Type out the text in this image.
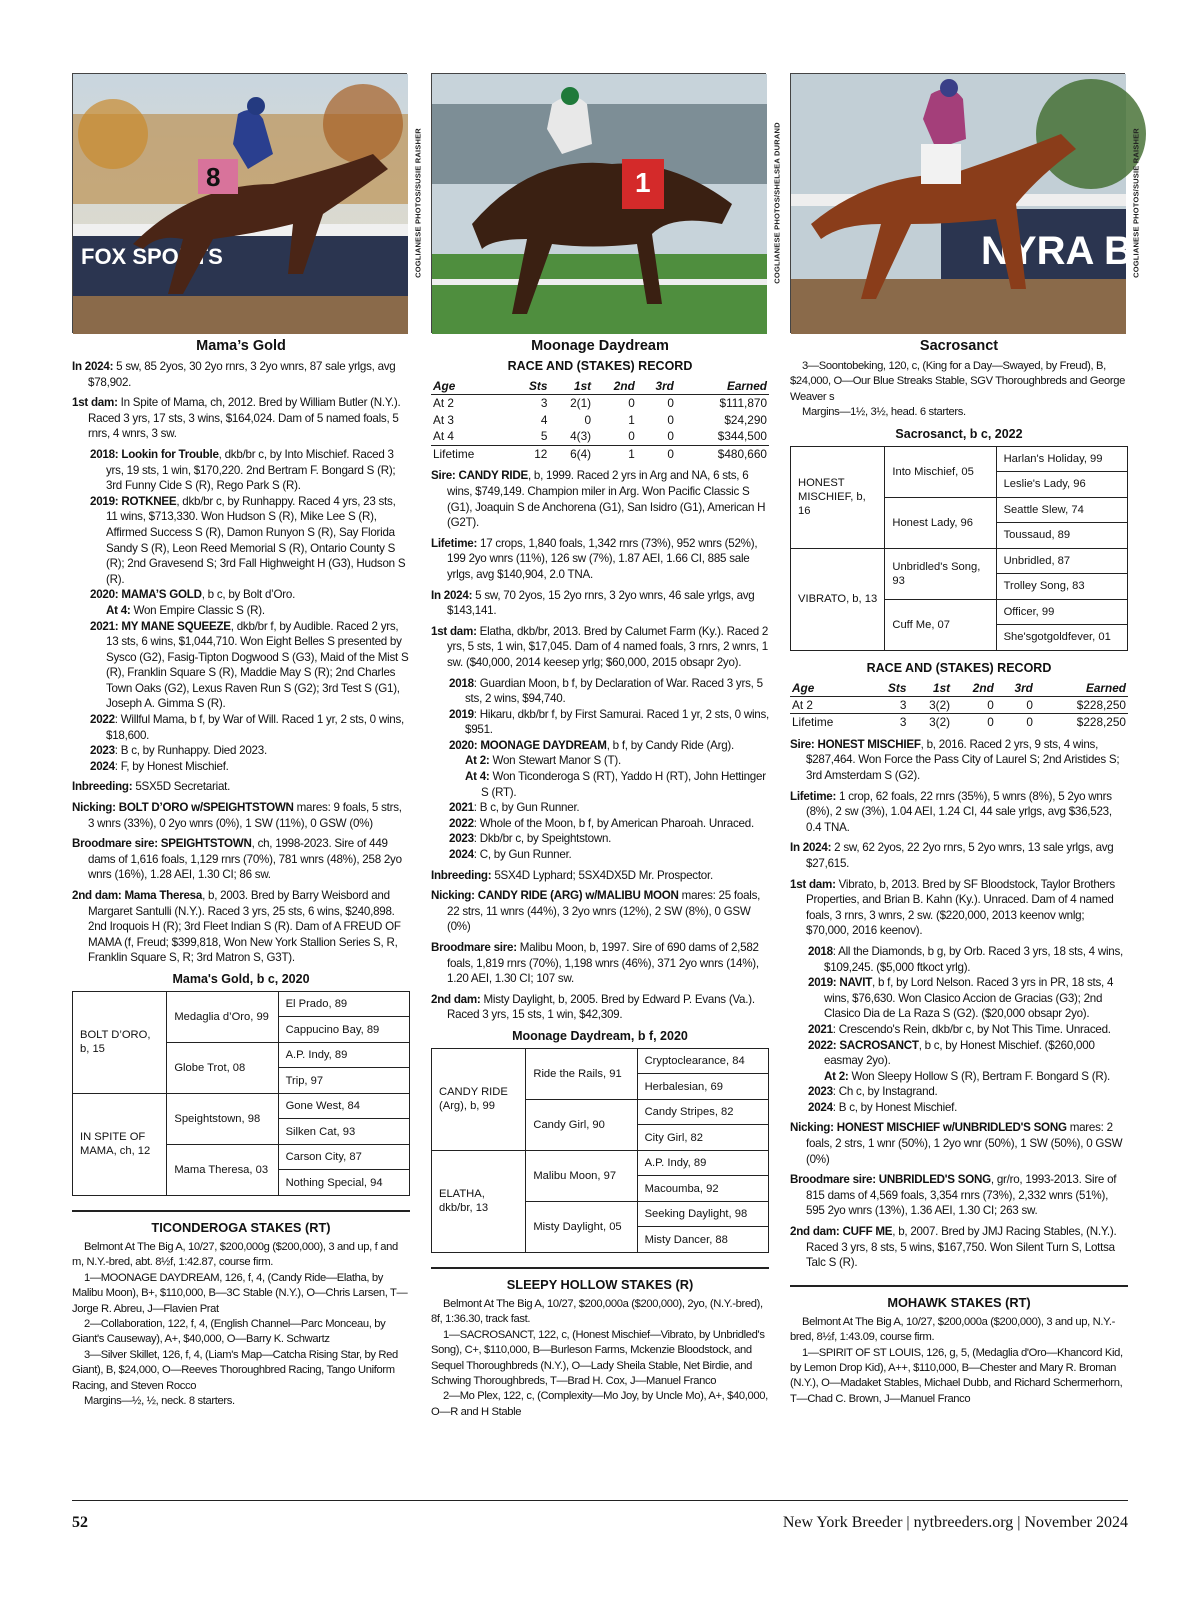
FOX SPORTS
8	COGLIANESE PHOTOS/SUSIE RAISHER
Mama’s Gold
In 2024: 5 sw, 85 2yos, 30 2yo rnrs, 3 2yo wnrs, 87 sale yrlgs, avg $78,902.
1st dam: In Spite of Mama, ch, 2012. Bred by William Butler (N.Y.). Raced 3 yrs, 17 sts, 3 wins, $164,024. Dam of 5 named foals, 5 rnrs, 4 wnrs, 3 sw.
2018: Lookin for Trouble, dkb/br c, by Into Mischief. Raced 3 yrs, 19 sts, 1 win, $170,220. 2nd Bertram F. Bongard S (R); 3rd Funny Cide S (R), Rego Park S (R).
2019: ROTKNEE, dkb/br c, by Runhappy. Raced 4 yrs, 23 sts, 11 wins, $713,330. Won Hudson S (R), Mike Lee S (R), Affirmed Success S (R), Damon Runyon S (R), Say Florida Sandy S (R), Leon Reed Memorial S (R), Ontario County S (R); 2nd Gravesend S; 3rd Fall Highweight H (G3), Hudson S (R).
2020: MAMA’S GOLD, b c, by Bolt d’Oro.
At 4: Won Empire Classic S (R).
2021: MY MANE SQUEEZE, dkb/br f, by Audible. Raced 2 yrs, 13 sts, 6 wins, $1,044,710. Won Eight Belles S presented by Sysco (G2), Fasig-Tipton Dogwood S (G3), Maid of the Mist S (R), Franklin Square S (R), Maddie May S (R); 2nd Charles Town Oaks (G2), Lexus Raven Run S (G2); 3rd Test S (G1), Joseph A. Gimma S (R).
2022: Willful Mama, b f, by War of Will. Raced 1 yr, 2 sts, 0 wins, $18,600.
2023: B c, by Runhappy. Died 2023.
2024: F, by Honest Mischief.
Inbreeding: 5SX5D Secretariat.
Nicking: BOLT D’ORO w/SPEIGHTSTOWN mares: 9 foals, 5 strs, 3 wnrs (33%), 0 2yo wnrs (0%), 1 SW (11%), 0 GSW (0%)
Broodmare sire: SPEIGHTSTOWN, ch, 1998-2023. Sire of 449 dams of 1,616 foals, 1,129 rnrs (70%), 781 wnrs (48%), 258 2yo wnrs (16%), 1.28 AEI, 1.30 CI; 86 sw.
2nd dam: Mama Theresa, b, 2003. Bred by Barry Weisbord and Margaret Santulli (N.Y.). Raced 3 yrs, 25 sts, 6 wins, $240,898. 2nd Iroquois H (R); 3rd Fleet Indian S (R). Dam of A FREUD OF MAMA (f, Freud; $399,818, Won New York Stallion Series S, R, Franklin Square S, R; 3rd Matron S, G3T).
Mama's Gold, b c, 2020
BOLT D’ORO, b, 15	Medaglia d’Oro, 99	El Prado, 89
		Cappucino Bay, 89
	Globe Trot, 08	A.P. Indy, 89
		Trip, 97
IN SPITE OF MAMA, ch, 12	Speightstown, 98	Gone West, 84
		Silken Cat, 93
	Mama Theresa, 03	Carson City, 87
		Nothing Special, 94
TICONDEROGA STAKES (RT)
Belmont At The Big A, 10/27, $200,000g ($200,000), 3 and up, f and m, N.Y.-bred, abt. 8½f, 1:42.87, course firm.
1—MOONAGE DAYDREAM, 126, f, 4, (Candy Ride—Elatha, by Malibu Moon), B+, $110,000, B—3C Stable (N.Y.), O—Chris Larsen, T—Jorge R. Abreu, J—Flavien Prat
2—Collaboration, 122, f, 4, (English Channel—Parc Monceau, by Giant's Causeway), A+, $40,000, O—Barry K. Schwartz
3—Silver Skillet, 126, f, 4, (Liam's Map—Catcha Rising Star, by Red Giant), B, $24,000, O—Reeves Thoroughbred Racing, Tango Uniform Racing, and Steven Rocco
Margins—½, ½, neck. 8 starters.
1	COGLIANESE PHOTOS/SHELSEA DURAND
Moonage Daydream
RACE AND (STAKES) RECORD
Age	Sts	1st	2nd	3rd	Earned
At 2	3	2(1)	0	0	$111,870
At 3	4	0	1	0	$24,290
At 4	5	4(3)	0	0	$344,500
Lifetime	12	6(4)	1	0	$480,660
Sire: CANDY RIDE, b, 1999. Raced 2 yrs in Arg and NA, 6 sts, 6 wins, $749,149. Champion miler in Arg. Won Pacific Classic S (G1), Joaquin S de Anchorena (G1), San Isidro (G1), American H (G2T).
Lifetime: 17 crops, 1,840 foals, 1,342 rnrs (73%), 952 wnrs (52%), 199 2yo wnrs (11%), 126 sw (7%), 1.87 AEI, 1.66 CI, 885 sale yrlgs, avg $140,904, 2.0 TNA.
In 2024: 5 sw, 70 2yos, 15 2yo rnrs, 3 2yo wnrs, 46 sale yrlgs, avg $143,141.
1st dam: Elatha, dkb/br, 2013. Bred by Calumet Farm (Ky.). Raced 2 yrs, 5 sts, 1 win, $17,045. Dam of 4 named foals, 3 rnrs, 2 wnrs, 1 sw. ($40,000, 2014 keesep yrlg; $60,000, 2015 obsapr 2yo).
2018: Guardian Moon, b f, by Declaration of War. Raced 3 yrs, 5 sts, 2 wins, $94,740.
2019: Hikaru, dkb/br f, by First Samurai. Raced 1 yr, 2 sts, 0 wins, $951.
2020: MOONAGE DAYDREAM, b f, by Candy Ride (Arg).
At 2: Won Stewart Manor S (T).
At 4: Won Ticonderoga S (RT), Yaddo H (RT), John Hettinger S (RT).
2021: B c, by Gun Runner.
2022: Whole of the Moon, b f, by American Pharoah. Unraced.
2023: Dkb/br c, by Speightstown.
2024: C, by Gun Runner.
Inbreeding: 5SX4D Lyphard; 5SX4DX5D Mr. Prospector.
Nicking: CANDY RIDE (ARG) w/MALIBU MOON mares: 25 foals, 22 strs, 11 wnrs (44%), 3 2yo wnrs (12%), 2 SW (8%), 0 GSW (0%)
Broodmare sire: Malibu Moon, b, 1997. Sire of 690 dams of 2,582 foals, 1,819 rnrs (70%), 1,198 wnrs (46%), 371 2yo wnrs (14%), 1.20 AEI, 1.30 CI; 107 sw.
2nd dam: Misty Daylight, b, 2005. Bred by Edward P. Evans (Va.). Raced 3 yrs, 15 sts, 1 win, $42,309.
Moonage Daydream, b f, 2020
CANDY RIDE (Arg), b, 99	Ride the Rails, 91	Cryptoclearance, 84
		Herbalesian, 69
	Candy Girl, 90	Candy Stripes, 82
		City Girl, 82
ELATHA, dkb/br, 13	Malibu Moon, 97	A.P. Indy, 89
		Macoumba, 92
	Misty Daylight, 05	Seeking Daylight, 98
		Misty Dancer, 88
SLEEPY HOLLOW STAKES (R)
Belmont At The Big A, 10/27, $200,000a ($200,000), 2yo, (N.Y.-bred), 8f, 1:36.30, track fast.
1—SACROSANCT, 122, c, (Honest Mischief—Vibrato, by Unbridled's Song), C+, $110,000, B—Burleson Farms, Mckenzie Bloodstock, and Sequel Thoroughbreds (N.Y.), O—Lady Sheila Stable, Net Birdie, and Schwing Thoroughbreds, T—Brad H. Cox, J—Manuel Franco
2—Mo Plex, 122, c, (Complexity—Mo Joy, by Uncle Mo), A+, $40,000, O—R and H Stable
NYRA BE
COGLIANESE PHOTOS/SUSIE RAISHER
Sacrosanct
3—Soontobeking, 120, c, (King for a Day—Swayed, by Freud), B, $24,000, O—Our Blue Streaks Stable, SGV Thoroughbreds and George Weaver s
Margins—1½, 3½, head. 6 starters.
Sacrosanct, b c, 2022
HONEST MISCHIEF, b, 16	Into Mischief, 05	Harlan's Holiday, 99
		Leslie's Lady, 96
	Honest Lady, 96	Seattle Slew, 74
		Toussaud, 89
VIBRATO, b, 13	Unbridled's Song, 93	Unbridled, 87
		Trolley Song, 83
	Cuff Me, 07	Officer, 99
		She'sgotgoldfever, 01
RACE AND (STAKES) RECORD
Age	Sts	1st	2nd	3rd	Earned
At 2	3	3(2)	0	0	$228,250
Lifetime	3	3(2)	0	0	$228,250
Sire: HONEST MISCHIEF, b, 2016. Raced 2 yrs, 9 sts, 4 wins, $287,464. Won Force the Pass City of Laurel S; 2nd Aristides S; 3rd Amsterdam S (G2).
Lifetime: 1 crop, 62 foals, 22 rnrs (35%), 5 wnrs (8%), 5 2yo wnrs (8%), 2 sw (3%), 1.04 AEI, 1.24 CI, 44 sale yrlgs, avg $36,523, 0.4 TNA.
In 2024: 2 sw, 62 2yos, 22 2yo rnrs, 5 2yo wnrs, 13 sale yrlgs, avg $27,615.
1st dam: Vibrato, b, 2013. Bred by SF Bloodstock, Taylor Brothers Properties, and Brian B. Kahn (Ky.). Unraced. Dam of 4 named foals, 3 rnrs, 3 wnrs, 2 sw. ($220,000, 2013 keenov wnlg; $70,000, 2016 keenov).
2018: All the Diamonds, b g, by Orb. Raced 3 yrs, 18 sts, 4 wins, $109,245. ($5,000 ftkoct yrlg).
2019: NAVIT, b f, by Lord Nelson. Raced 3 yrs in PR, 18 sts, 4 wins, $76,630. Won Clasico Accion de Gracias (G3); 2nd Clasico Dia de La Raza S (G2). ($20,000 obsapr 2yo).
2021: Crescendo's Rein, dkb/br c, by Not This Time. Unraced.
2022: SACROSANCT, b c, by Honest Mischief. ($260,000 easmay 2yo).
At 2: Won Sleepy Hollow S (R), Bertram F. Bongard S (R).
2023: Ch c, by Instagrand.
2024: B c, by Honest Mischief.
Nicking: HONEST MISCHIEF w/UNBRIDLED'S SONG mares: 2 foals, 2 strs, 1 wnr (50%), 1 2yo wnr (50%), 1 SW (50%), 0 GSW (0%)
Broodmare sire: UNBRIDLED'S SONG, gr/ro, 1993-2013. Sire of 815 dams of 4,569 foals, 3,354 rnrs (73%), 2,332 wnrs (51%), 595 2yo wnrs (13%), 1.36 AEI, 1.30 CI; 263 sw.
2nd dam: CUFF ME, b, 2007. Bred by JMJ Racing Stables, (N.Y.). Raced 3 yrs, 8 sts, 5 wins, $167,750. Won Silent Turn S, Lottsa Talc S (R).
MOHAWK STAKES (RT)
Belmont At The Big A, 10/27, $200,000a ($200,000), 3 and up, N.Y.-bred, 8½f, 1:43.09, course firm.
1—SPIRIT OF ST LOUIS, 126, g, 5, (Medaglia d'Oro—Khancord Kid, by Lemon Drop Kid), A++, $110,000, B—Chester and Mary R. Broman (N.Y.), O—Madaket Stables, Michael Dubb, and Richard Schermerhorn, T—Chad C. Brown, J—Manuel Franco
52	New York Breeder | nytbreeders.org | November 2024
